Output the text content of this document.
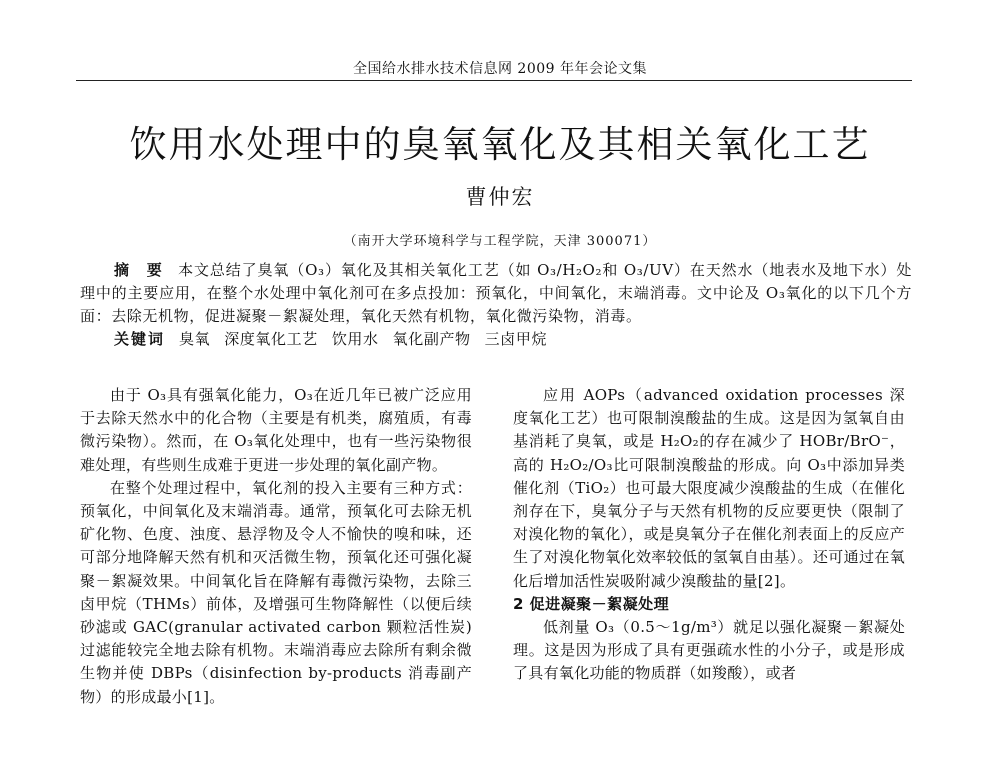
全国给水排水技术信息网 2009 年年会论文集
饮用水处理中的臭氧氧化及其相关氧化工艺
曹仲宏
（南开大学环境科学与工程学院，天津 300071）

摘 要 本文总结了臭氧（O₃）氧化及其相关氧化工艺（如 O₃/H₂O₂和 O₃/UV）在天然水（地表水及地下水）处理中的主要应用，在整个水处理中氧化剂可在多点投加：预氧化，中间氧化，末端消毒。文中论及 O₃氧化的以下几个方面：去除无机物，促进凝聚－絮凝处理，氧化天然有机物，氧化微污染物，消毒。

关键词 臭氧 深度氧化工艺 饮用水 氧化副产物 三卤甲烷

由于 O₃具有强氧化能力，O₃在近几年已被广泛应用于去除天然水中的化合物（主要是有机类，腐殖质，有毒微污染物）。然而，在 O₃氧化处理中，也有一些污染物很难处理，有些则生成难于更进一步处理的氧化副产物。

在整个处理过程中，氧化剂的投入主要有三种方式：预氧化，中间氧化及末端消毒。通常，预氧化可去除无机矿化物、色度、浊度、悬浮物及令人不愉快的嗅和味，还可部分地降解天然有机和灭活微生物，预氧化还可强化凝聚－絮凝效果。中间氧化旨在降解有毒微污染物，去除三卤甲烷（THMs）前体，及增强可生物降解性（以便后续砂滤或 GAC(granular activated carbon 颗粒活性炭)过滤能较完全地去除有机物。末端消毒应去除所有剩余微生物并使 DBPs（disinfection by-products 消毒副产物）的形成最小[1]。

应用 AOPs（advanced oxidation processes 深度氧化工艺）也可限制溴酸盐的生成。这是因为氢氧自由基消耗了臭氧，或是 H₂O₂的存在减少了 HOBr/BrO⁻，高的 H₂O₂/O₃比可限制溴酸盐的形成。向 O₃中添加异类催化剂（TiO₂）也可最大限度减少溴酸盐的生成（在催化剂存在下，臭氧分子与天然有机物的反应要更快（限制了对溴化物的氧化），或是臭氧分子在催化剂表面上的反应产生了对溴化物氧化效率较低的氢氧自由基）。还可通过在氧化后增加活性炭吸附减少溴酸盐的量[2]。

2 促进凝聚－絮凝处理

低剂量 O₃（0.5～1g/m³）就足以强化凝聚－絮凝处理。这是因为形成了具有更强疏水性的小分子，或是形成了具有氧化功能的物质群（如羧酸），或者
